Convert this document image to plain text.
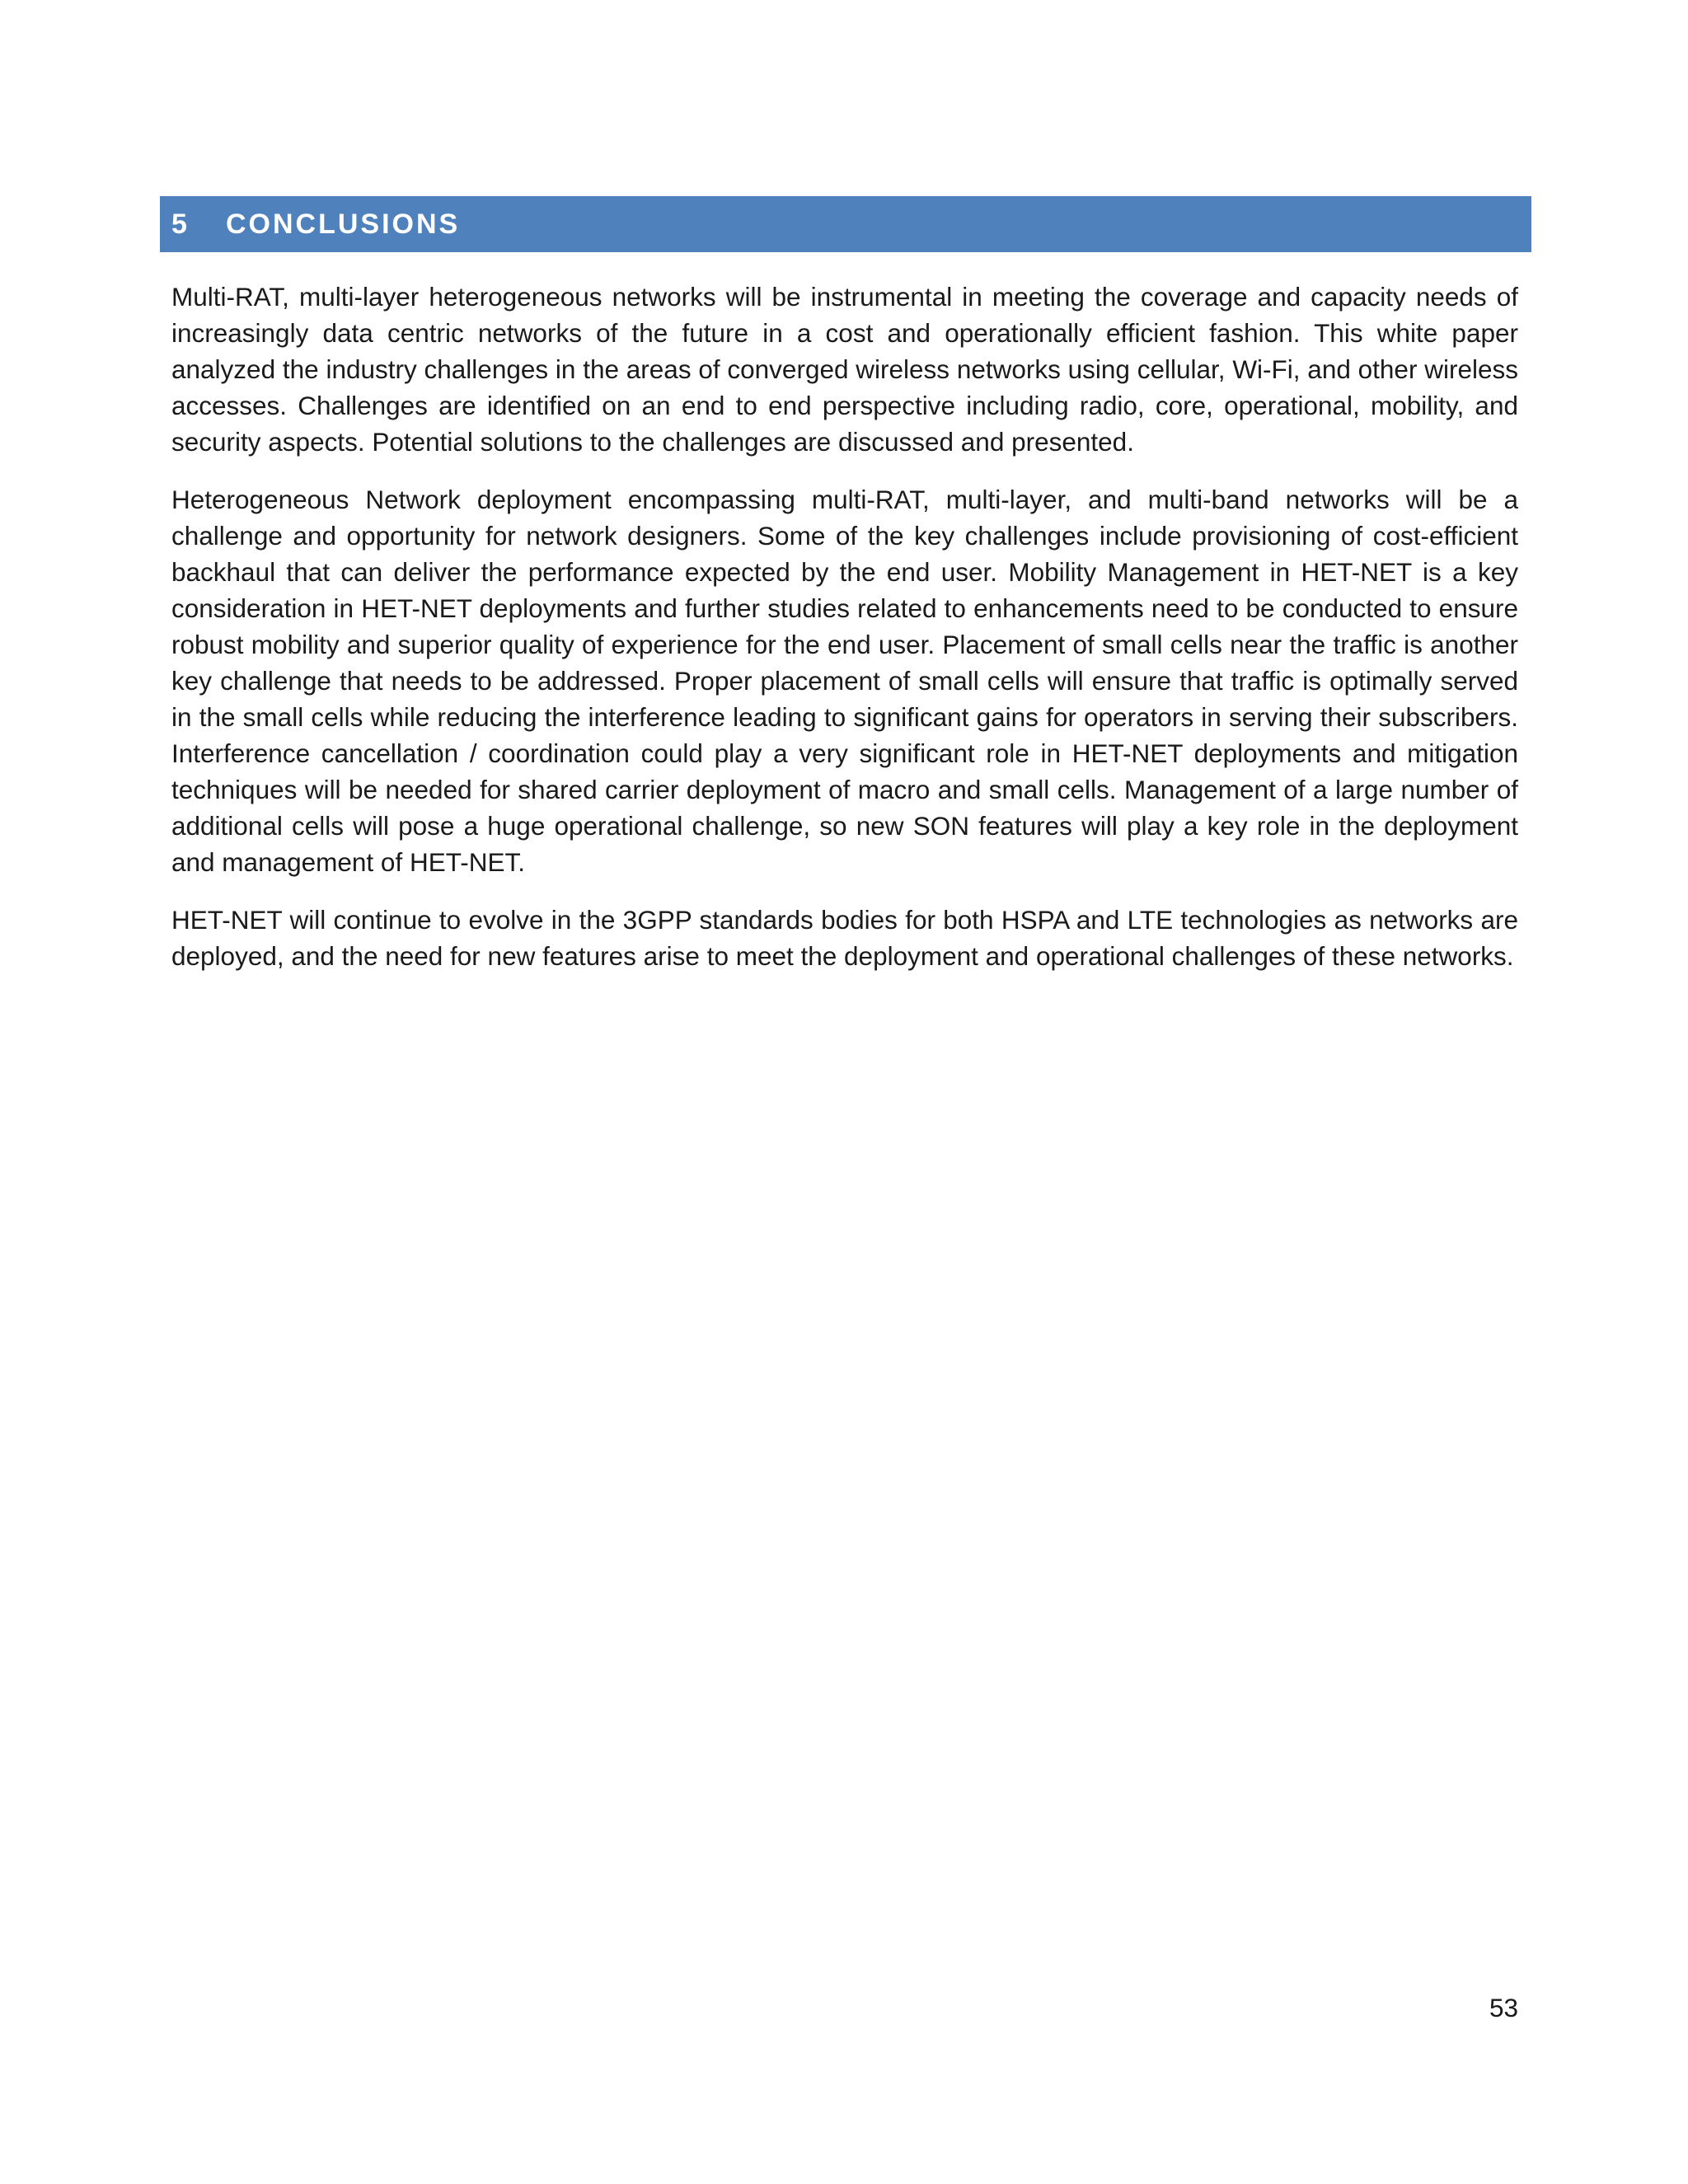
5	CONCLUSIONS

Multi-RAT, multi-layer heterogeneous networks will be instrumental in meeting the coverage and capacity needs of increasingly data centric networks of the future in a cost and operationally efficient fashion. This white paper analyzed the industry challenges in the areas of converged wireless networks using cellular, Wi-Fi, and other wireless accesses. Challenges are identified on an end to end perspective including radio, core, operational, mobility, and security aspects. Potential solutions to the challenges are discussed and presented.

Heterogeneous Network deployment encompassing multi-RAT, multi-layer, and multi-band networks will be a challenge and opportunity for network designers. Some of the key challenges include provisioning of cost-efficient backhaul that can deliver the performance expected by the end user. Mobility Management in HET-NET is a key consideration in HET-NET deployments and further studies related to enhancements need to be conducted to ensure robust mobility and superior quality of experience for the end user. Placement of small cells near the traffic is another key challenge that needs to be addressed. Proper placement of small cells will ensure that traffic is optimally served in the small cells while reducing the interference leading to significant gains for operators in serving their subscribers. Interference cancellation / coordination could play a very significant role in HET-NET deployments and mitigation techniques will be needed for shared carrier deployment of macro and small cells. Management of a large number of additional cells will pose a huge operational challenge, so new SON features will play a key role in the deployment and management of HET-NET.

HET-NET will continue to evolve in the 3GPP standards bodies for both HSPA and LTE technologies as networks are deployed, and the need for new features arise to meet the deployment and operational challenges of these networks.

53
